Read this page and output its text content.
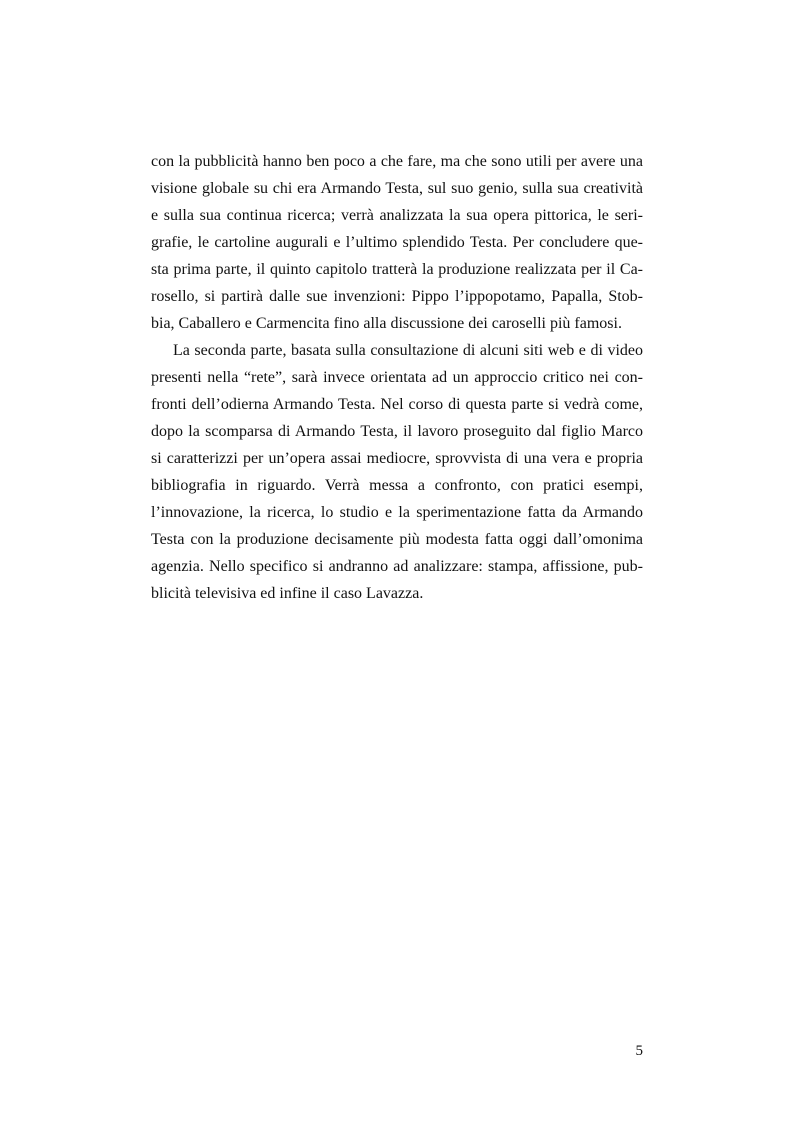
con la pubblicità hanno ben poco a che fare, ma che sono utili per avere una
visione globale su chi era Armando Testa, sul suo genio, sulla sua creatività
e sulla sua continua ricerca; verrà analizzata la sua opera pittorica, le seri-
grafie, le cartoline augurali e l’ultimo splendido Testa. Per concludere que-
sta prima parte, il quinto capitolo tratterà la produzione realizzata per il Ca-
rosello, si partirà dalle sue invenzioni: Pippo l’ippopotamo, Papalla, Stob-
bia, Caballero e Carmencita fino alla discussione dei caroselli più famosi.
La seconda parte, basata sulla consultazione di alcuni siti web e di video
presenti nella “rete”, sarà invece orientata ad un approccio critico nei con-
fronti dell’odierna Armando Testa. Nel corso di questa parte si vedrà come,
dopo la scomparsa di Armando Testa, il lavoro proseguito dal figlio Marco
si caratterizzi per un’opera assai mediocre, sprovvista di una vera e propria
bibliografia in riguardo. Verrà messa a confronto, con pratici esempi,
l’innovazione, la ricerca, lo studio e la sperimentazione fatta da Armando
Testa con la produzione decisamente più modesta fatta oggi dall’omonima
agenzia. Nello specifico si andranno ad analizzare: stampa, affissione, pub-
blicità televisiva ed infine il caso Lavazza.
5
